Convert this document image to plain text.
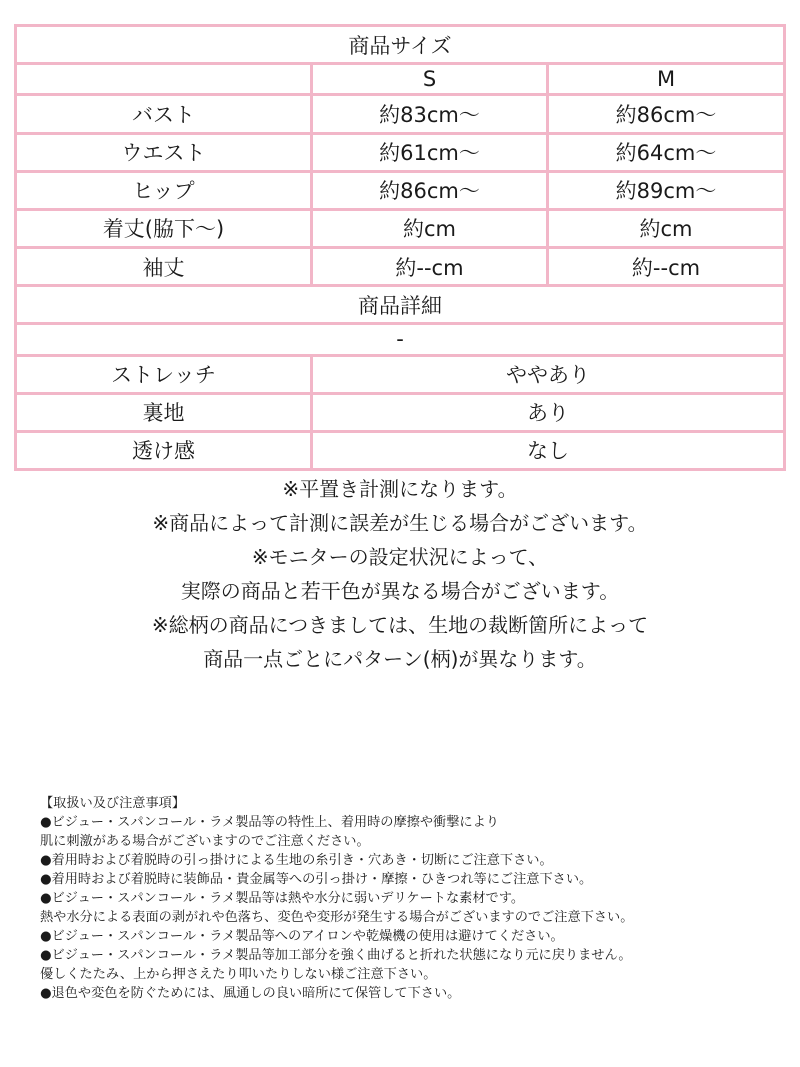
商品サイズ		
	S	M
バスト	約83cm〜	約86cm〜
ウエスト	約61cm〜	約64cm〜
ヒップ	約86cm〜	約89cm〜
着丈(脇下〜)	約cm	約cm
袖丈	約--cm	約--cm
商品詳細		
-		
ストレッチ	ややあり	
裏地	あり	
透け感	なし	
※平置き計測になります。
※商品によって計測に誤差が生じる場合がございます。
※モニターの設定状況によって、
実際の商品と若干色が異なる場合がございます。
※総柄の商品につきましては、生地の裁断箇所によって
商品一点ごとにパターン(柄)が異なります。
【取扱い及び注意事項】
●ビジュー・スパンコール・ラメ製品等の特性上、着用時の摩擦や衝撃により
肌に刺激がある場合がございますのでご注意ください。
●着用時および着脱時の引っ掛けによる生地の糸引き・穴あき・切断にご注意下さい。
●着用時および着脱時に装飾品・貴金属等への引っ掛け・摩擦・ひきつれ等にご注意下さい。
●ビジュー・スパンコール・ラメ製品等は熱や水分に弱いデリケートな素材です。
熱や水分による表面の剥がれや色落ち、変色や変形が発生する場合がございますのでご注意下さい。
●ビジュー・スパンコール・ラメ製品等へのアイロンや乾燥機の使用は避けてください。
●ビジュー・スパンコール・ラメ製品等加工部分を強く曲げると折れた状態になり元に戻りません。
優しくたたみ、上から押さえたり叩いたりしない様ご注意下さい。
●退色や変色を防ぐためには、風通しの良い暗所にて保管して下さい。
